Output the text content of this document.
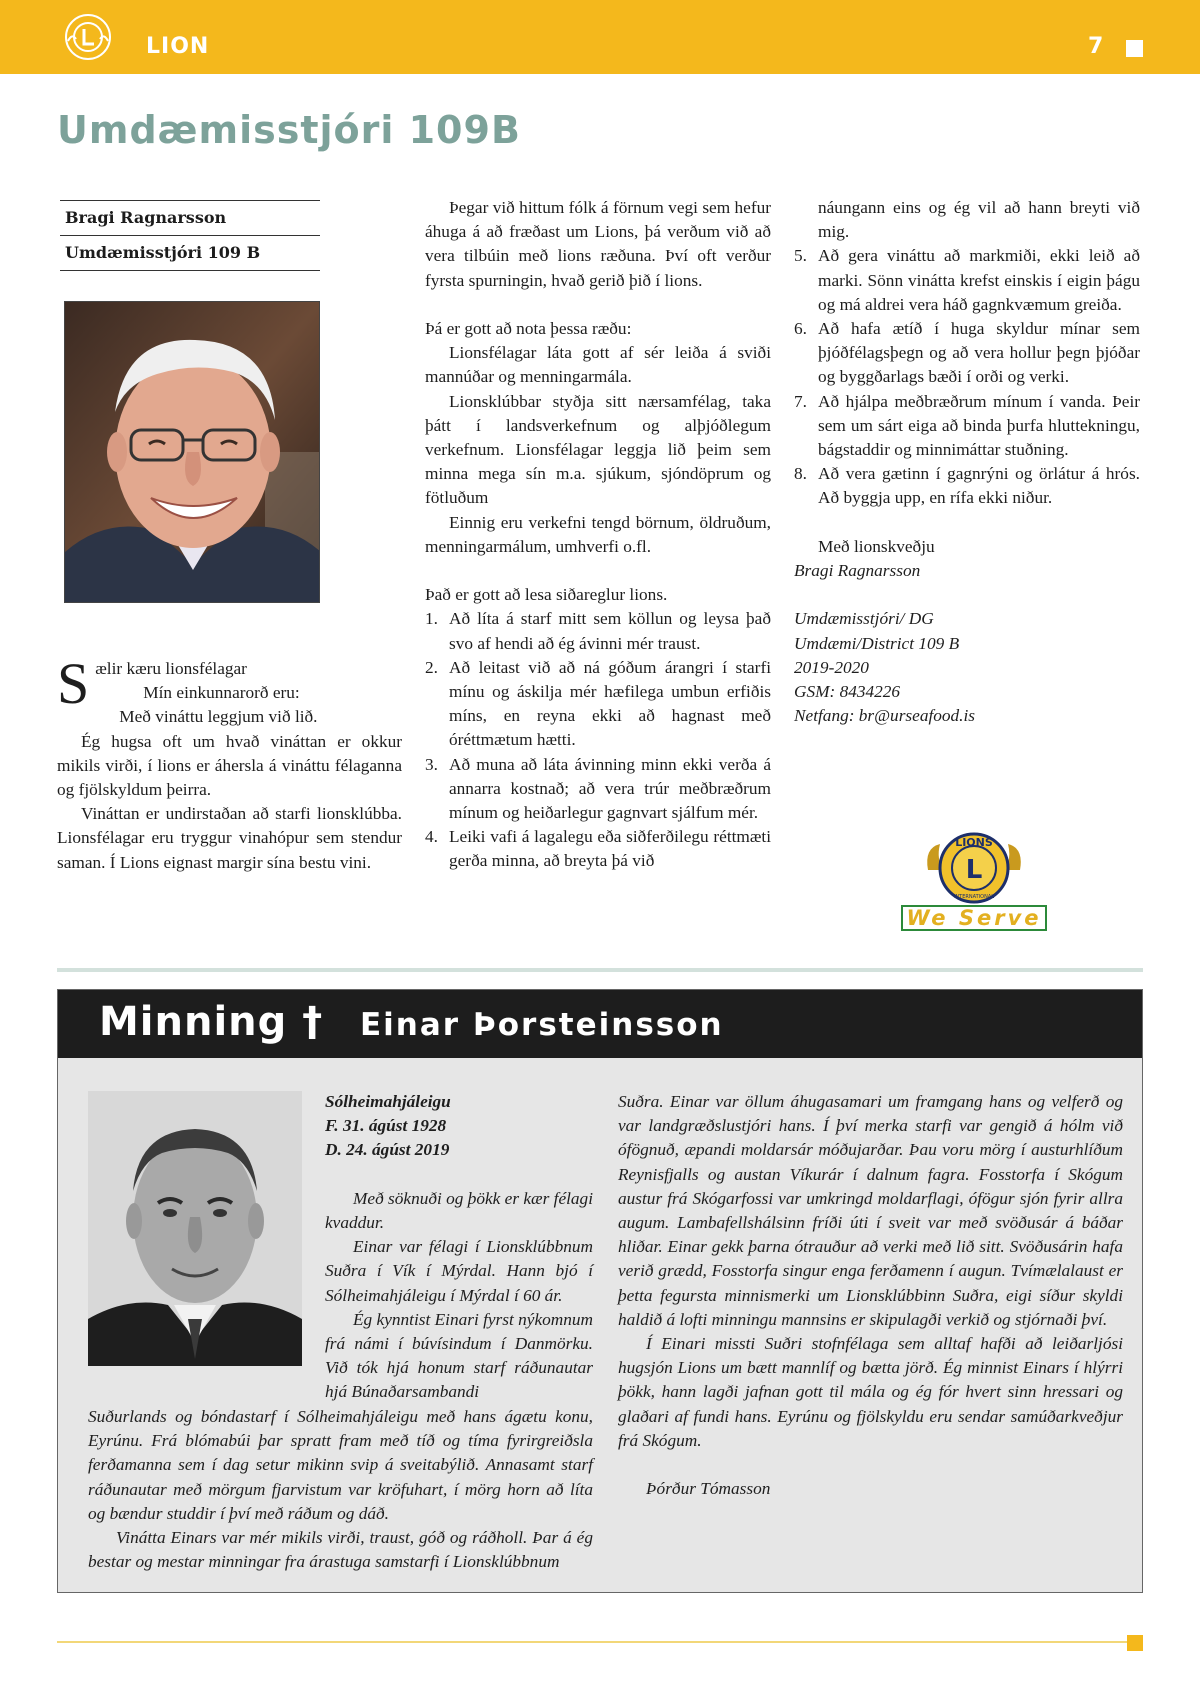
LION	7
Umdæmisstjóri 109B
Bragi Ragnarsson
Umdæmisstjóri 109 B
S ælir kæru lionsfélagar

Mín einkunnarorð eru:

Með vináttu leggjum við lið.

Ég hugsa oft um hvað vináttan er okkur mikils virði, í lions er áhersla á vináttu félaganna og fjölskyldum þeirra.

Vináttan er undirstaðan að starfi lionsklúbba. Lionsfélagar eru tryggur vinahópur sem stendur saman. Í Lions eignast margir sína bestu vini.

Þegar við hittum fólk á förnum vegi sem hefur áhuga á að fræðast um Lions, þá verðum við að vera tilbúin með lions ræðuna. Því oft verður fyrsta spurningin, hvað gerið þið í lions.

Þá er gott að nota þessa ræðu:

Lionsfélagar láta gott af sér leiða á sviði mannúðar og menningarmála.

Lionsklúbbar styðja sitt nærsamfélag, taka þátt í landsverkefnum og alþjóðlegum verkefnum. Lionsfélagar leggja lið þeim sem minna mega sín m.a. sjúkum, sjóndöprum og fötluðum

Einnig eru verkefni tengd börnum, öldruðum, menningarmálum, umhverfi o.fl.

Það er gott að lesa siðareglur lions.

1. Að líta á starf mitt sem köllun og leysa það svo af hendi að ég ávinni mér traust.
2. Að leitast við að ná góðum árangri í starfi mínu og áskilja mér hæfilega umbun erfiðis míns, en reyna ekki að hagnast með óréttmætum hætti.
3. Að muna að láta ávinning minn ekki verða á annarra kostnað; að vera trúr meðbræðrum mínum og heiðarlegur gagnvart sjálfum mér.
4. Leiki vafi á lagalegu eða siðferðilegu réttmæti gerða minna, að breyta þá við

náungann eins og ég vil að hann breyti við mig.

5. Að gera vináttu að markmiði, ekki leið að marki. Sönn vinátta krefst einskis í eigin þágu og má aldrei vera háð gagnkvæmum greiða.
6. Að hafa ætíð í huga skyldur mínar sem þjóðfélagsþegn og að vera hollur þegn þjóðar og byggðarlags bæði í orði og verki.
7. Að hjálpa meðbræðrum mínum í vanda. Þeir sem um sárt eiga að binda þurfa hluttekningu, bágstaddir og minnimáttar stuðning.
8. Að vera gætinn í gagnrýni og örlátur á hrós. Að byggja upp, en rífa ekki niður.

Með lionskveðju

Bragi Ragnarsson

Umdæmisstjóri/ DG

Umdæmi/District 109 B

2019-2020

GSM: 8434226

Netfang: br@urseafood.is

LIONS
L
INTERNATIONAL
We Serve
Minning † Einar Þorsteinsson

Sólheimahjáleigu

F. 31. ágúst 1928

D. 24. ágúst 2019

Með söknuði og þökk er kær félagi kvaddur.

Einar var félagi í Lionsklúbbnum Suðra í Vík í Mýrdal. Hann bjó í Sólheimahjáleigu í Mýrdal í 60 ár.

Ég kynntist Einari fyrst nýkomnum frá námi í búvísindum í Danmörku. Við tók hjá honum starf ráðunautar hjá Búnaðarsambandi

Suðurlands og bóndastarf í Sólheimahjáleigu með hans ágætu konu, Eyrúnu. Frá blómabúi þar spratt fram með tíð og tíma fyrirgreiðsla ferðamanna sem í dag setur mikinn svip á sveitabýlið. Annasamt starf ráðunautar með mörgum fjarvistum var kröfuhart, í mörg horn að líta og bændur studdir í því með ráðum og dáð.

Vinátta Einars var mér mikils virði, traust, góð og ráðholl. Þar á ég bestar og mestar minningar fra árastuga samstarfi í Lionsklúbbnum

Suðra. Einar var öllum áhugasamari um framgang hans og velferð og var landgræðslustjóri hans. Í því merka starfi var gengið á hólm við ófögnuð, æpandi moldarsár móðujarðar. Þau voru mörg í austurhlíðum Reynisfjalls og austan Víkurár í dalnum fagra. Fosstorfa í Skógum austur frá Skógarfossi var umkringd moldarflagi, ófögur sjón fyrir allra augum. Lambafellshálsinn fríði úti í sveit var með svöðusár á báðar hliðar. Einar gekk þarna ótrauður að verki með lið sitt. Svöðusárin hafa verið grædd, Fosstorfa singur enga ferðamenn í augun. Tvímælalaust er þetta fegursta minnismerki um Lionsklúbbinn Suðra, eigi síður skyldi haldið á lofti minningu mannsins er skipulagði verkið og stjórnaði því.

Í Einari missti Suðri stofnfélaga sem alltaf hafði að leiðarljósi hugsjón Lions um bætt mannlíf og bætta jörð. Ég minnist Einars í hlýrri þökk, hann lagði jafnan gott til mála og ég fór hvert sinn hressari og glaðari af fundi hans. Eyrúnu og fjölskyldu eru sendar samúðarkveðjur frá Skógum.

Þórður Tómasson
